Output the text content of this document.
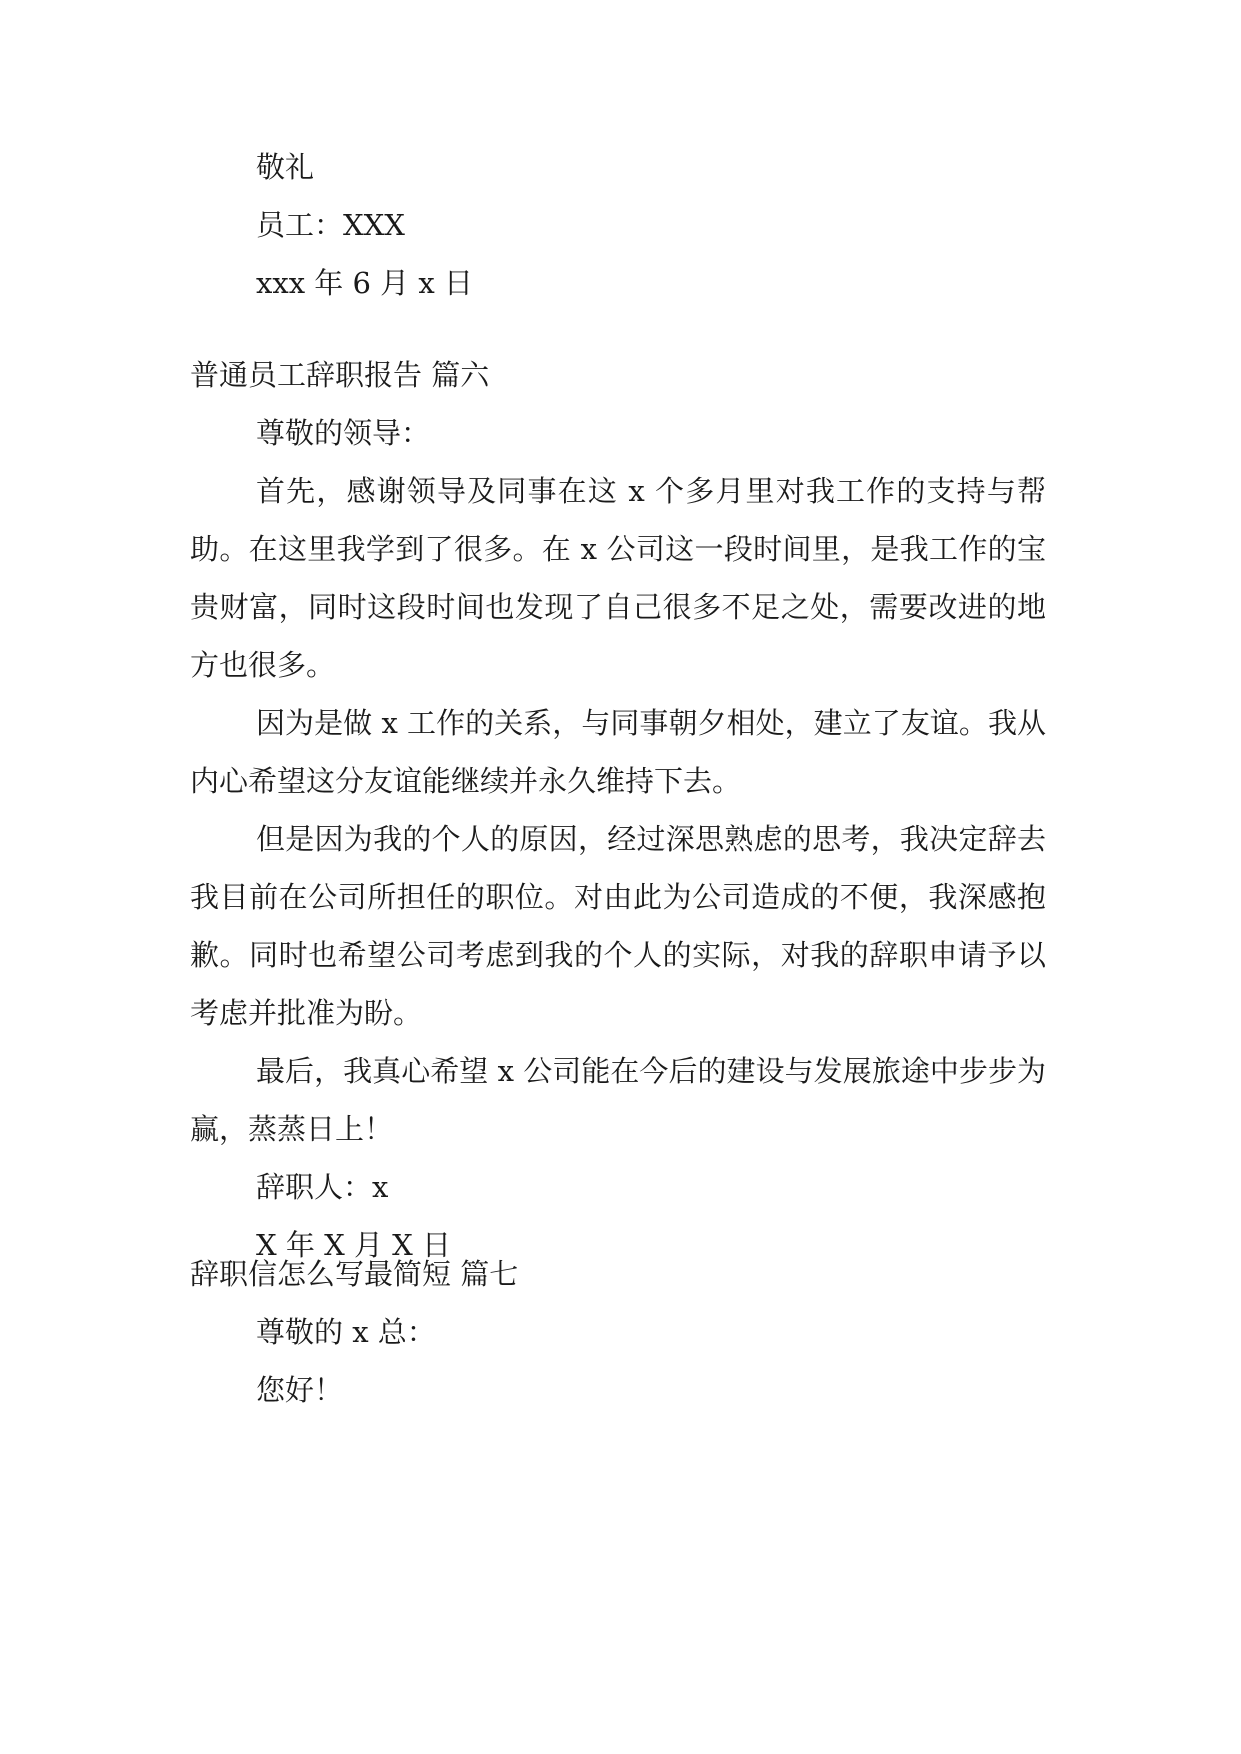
敬礼
员工：XXX
xxx 年 6 月 x 日
普通员工辞职报告 篇六
尊敬的领导：

首先，感谢领导及同事在这 x 个多月里对我工作的支持与帮助。在这里我学到了很多。在 x 公司这一段时间里，是我工作的宝贵财富，同时这段时间也发现了自己很多不足之处，需要改进的地方也很多。

因为是做 x 工作的关系，与同事朝夕相处，建立了友谊。我从内心希望这分友谊能继续并永久维持下去。

但是因为我的个人的原因，经过深思熟虑的思考，我决定辞去我目前在公司所担任的职位。对由此为公司造成的不便，我深感抱歉。同时也希望公司考虑到我的个人的实际，对我的辞职申请予以考虑并批准为盼。

最后，我真心希望 x 公司能在今后的建设与发展旅途中步步为赢，蒸蒸日上！

辞职人：x
X 年 X 月 X 日
辞职信怎么写最简短 篇七
尊敬的 x 总：
您好！
